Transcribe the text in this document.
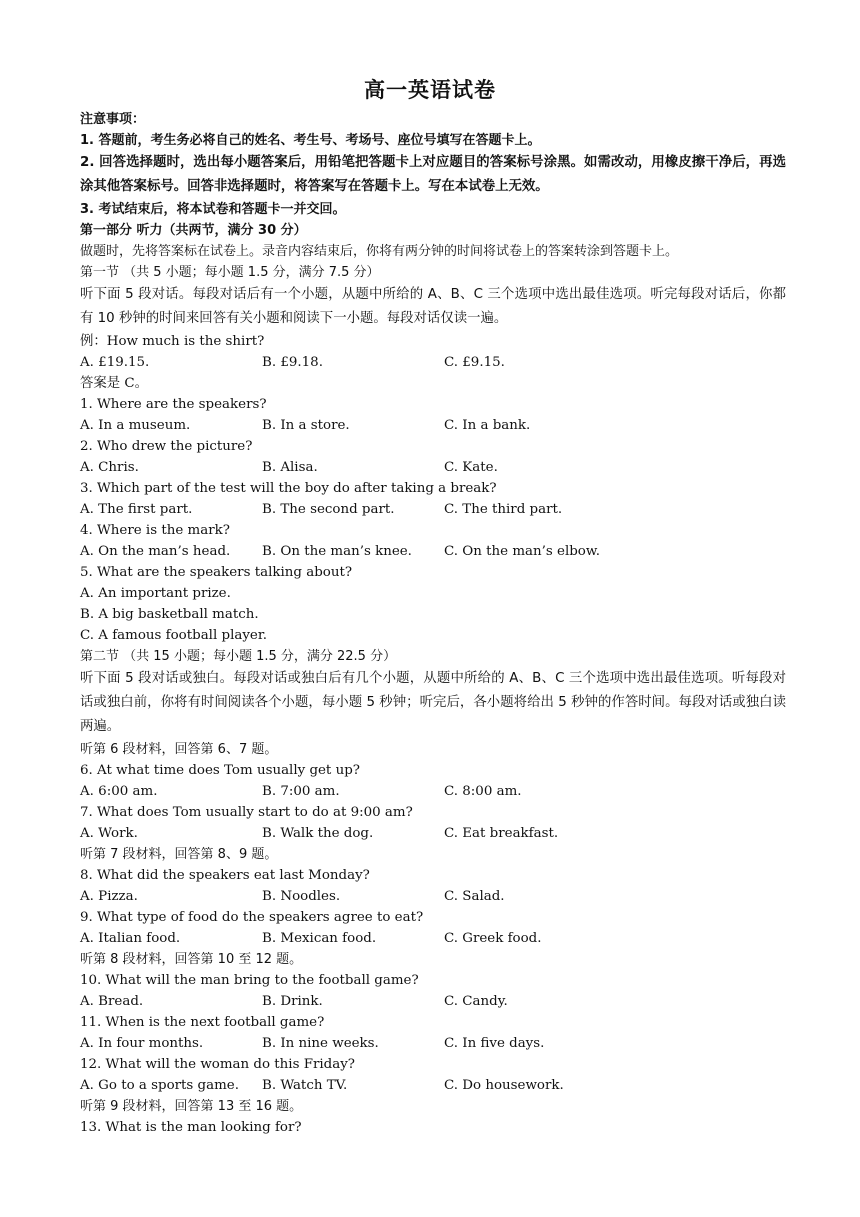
高一英语试卷
注意事项：
1. 答题前，考生务必将自己的姓名、考生号、考场号、座位号填写在答题卡上。
2. 回答选择题时，选出每小题答案后，用铅笔把答题卡上对应题目的答案标号涂黑。如需改动，用橡皮擦干净后，再选涂其他答案标号。回答非选择题时，将答案写在答题卡上。写在本试卷上无效。
3. 考试结束后，将本试卷和答题卡一并交回。
第一部分 听力（共两节，满分 30 分）
做题时，先将答案标在试卷上。录音内容结束后，你将有两分钟的时间将试卷上的答案转涂到答题卡上。
第一节 （共 5 小题；每小题 1.5 分，满分 7.5 分）
听下面 5 段对话。每段对话后有一个小题，从题中所给的 A、B、C 三个选项中选出最佳选项。听完每段对话后，你都有 10 秒钟的时间来回答有关小题和阅读下一小题。每段对话仅读一遍。
例：How much is the shirt?
A. £19.15.	B. £9.18.	C. £9.15.
答案是 C。
1. Where are the speakers?
A. In a museum.	B. In a store.	C. In a bank.
2. Who drew the picture?
A. Chris.	B. Alisa.	C. Kate.
3. Which part of the test will the boy do after taking a break?
A. The first part.	B. The second part.	C. The third part.
4. Where is the mark?
A. On the man’s head. B. On the man’s knee. C. On the man’s elbow.
5. What are the speakers talking about?
A. An important prize.
B. A big basketball match.
C. A famous football player.
第二节 （共 15 小题；每小题 1.5 分，满分 22.5 分）
听下面 5 段对话或独白。每段对话或独白后有几个小题，从题中所给的 A、B、C 三个选项中选出最佳选项。听每段对话或独白前，你将有时间阅读各个小题，每小题 5 秒钟；听完后，各小题将给出 5 秒钟的作答时间。每段对话或独白读两遍。
听第 6 段材料，回答第 6、7 题。
6. At what time does Tom usually get up?
A. 6:00 am.	B. 7:00 am.	C. 8:00 am.
7. What does Tom usually start to do at 9:00 am?
A. Work.	B. Walk the dog.	C. Eat breakfast.
听第 7 段材料，回答第 8、9 题。
8. What did the speakers eat last Monday?
A. Pizza.	B. Noodles.	C. Salad.
9. What type of food do the speakers agree to eat?
A. Italian food.	B. Mexican food.	C. Greek food.
听第 8 段材料，回答第 10 至 12 题。
10. What will the man bring to the football game?
A. Bread.	B. Drink.	C. Candy.
11. When is the next football game?
A. In four months.	B. In nine weeks.	C. In five days.
12. What will the woman do this Friday?
A. Go to a sports game. B. Watch TV.	C. Do housework.
听第 9 段材料，回答第 13 至 16 题。
13. What is the man looking for?
